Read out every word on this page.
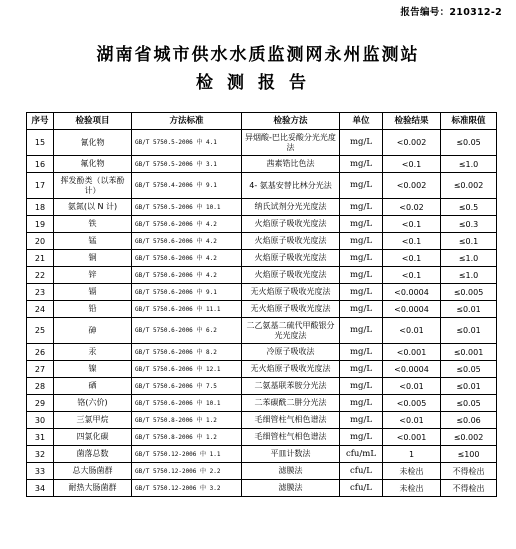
报告编号：210312-2
湖南省城市供水水质监测网永州监测站
检测报告
序号	检验项目	方法标准	检验方法	单位	检验结果	标准限值
15	氰化物	GB/T 5750.5-2006 中 4.1	异烟酸-巴比妥酸分光光度法	mg/L	<0.002	≤0.05
16	氟化物	GB/T 5750.5-2006 中 3.1	茜素锆比色法	mg/L	<0.1	≤1.0
17	挥发酚类（以苯酚计）	GB/T 5750.4-2006 中 9.1	4- 氨基安替比林分光法	mg/L	<0.002	≤0.002
18	氨氮(以 N 计)	GB/T 5750.5-2006 中 10.1	纳氏试剂分光光度法	mg/L	<0.02	≤0.5
19	铁	GB/T 5750.6-2006 中 4.2	火焰原子吸收光度法	mg/L	<0.1	≤0.3
20	锰	GB/T 5750.6-2006 中 4.2	火焰原子吸收光度法	mg/L	<0.1	≤0.1
21	铜	GB/T 5750.6-2006 中 4.2	火焰原子吸收光度法	mg/L	<0.1	≤1.0
22	锌	GB/T 5750.6-2006 中 4.2	火焰原子吸收光度法	mg/L	<0.1	≤1.0
23	镉	GB/T 5750.6-2006 中 9.1	无火焰原子吸收光度法	mg/L	<0.0004	≤0.005
24	铅	GB/T 5750.6-2006 中 11.1	无火焰原子吸收光度法	mg/L	<0.0004	≤0.01
25	砷	GB/T 5750.6-2006 中 6.2	二乙氨基二硫代甲酸银分光光度法	mg/L	<0.01	≤0.01
26	汞	GB/T 5750.6-2006 中 8.2	冷原子吸收法	mg/L	<0.001	≤0.001
27	镍	GB/T 5750.6-2006 中 12.1	无火焰原子吸收光度法	mg/L	<0.0004	≤0.05
28	硒	GB/T 5750.6-2006 中 7.5	二氨基联苯胺分光法	mg/L	<0.01	≤0.01
29	铬(六价)	GB/T 5750.6-2006 中 10.1	二苯碳酰二肼分光法	mg/L	<0.005	≤0.05
30	三氯甲烷	GB/T 5750.8-2006 中 1.2	毛细管柱气相色谱法	mg/L	<0.01	≤0.06
31	四氯化碳	GB/T 5750.8-2006 中 1.2	毛细管柱气相色谱法	mg/L	<0.001	≤0.002
32	菌落总数	GB/T 5750.12-2006 中 1.1	平皿计数法	cfu/mL	1	≤100
33	总大肠菌群	GB/T 5750.12-2006 中 2.2	滤膜法	cfu/L	未检出	不得检出
34	耐热大肠菌群	GB/T 5750.12-2006 中 3.2	滤膜法	cfu/L	未检出	不得检出
